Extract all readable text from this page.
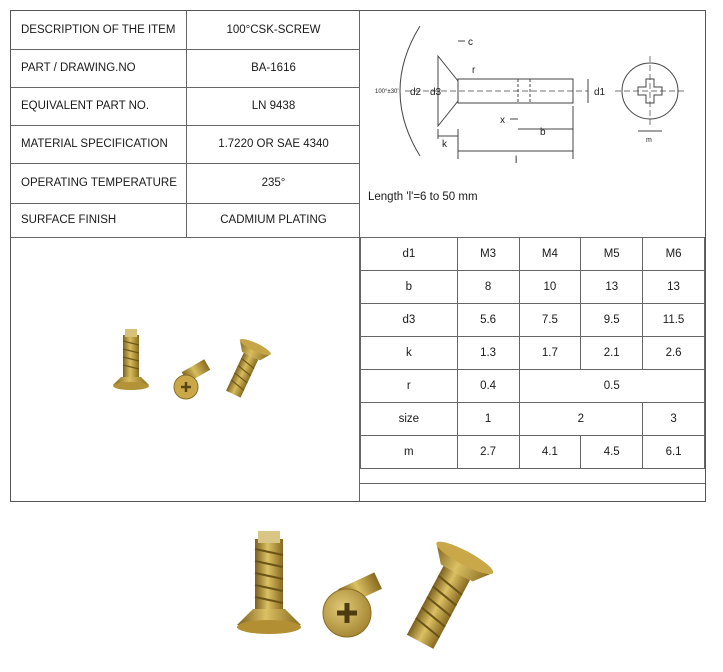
DESCRIPTION OF THE ITEM	100°CSK-SCREW
PART / DRAWING.NO	BA-1616
EQUIVALENT PART NO.	LN 9438
MATERIAL SPECIFICATION	1.7220 OR SAE 4340
OPERATING TEMPERATURE	235°
SURFACE FINISH	CADMIUM PLATING
100°±30'
c
r
d2 d3	d1
x
b
k
l
m
Length 'l'=6 to 50 mm
d1	M3	M4	M5	M6
b	8	10	13	13
d3	5.6	7.5	9.5	11.5
k	1.3	1.7	2.1	2.6
r	0.4	0.5		
size	1	2		3
m	2.7	4.1	4.5	6.1
